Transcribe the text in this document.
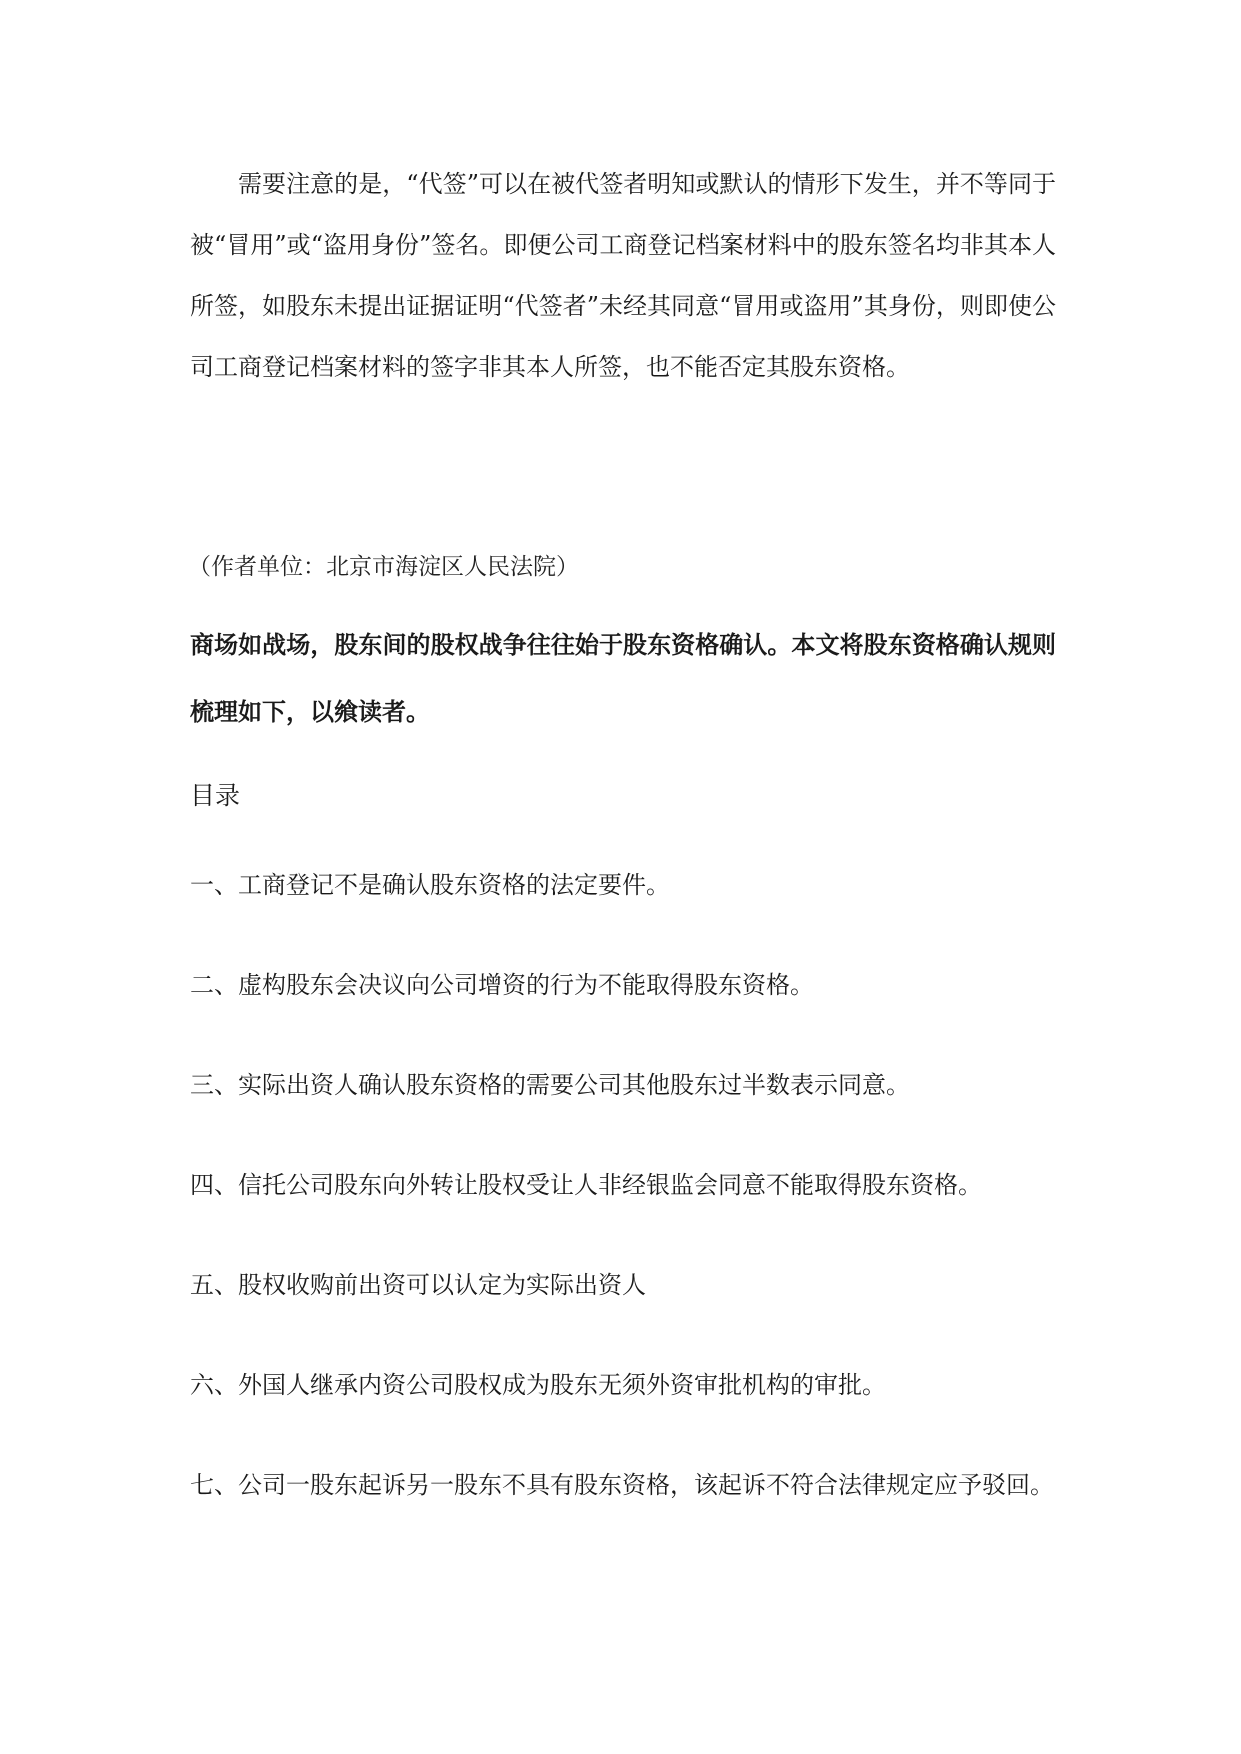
需要注意的是，“代签”可以在被代签者明知或默认的情形下发生，并不等同于被“冒用”或“盗用身份”签名。即便公司工商登记档案材料中的股东签名均非其本人所签，如股东未提出证据证明“代签者”未经其同意“冒用或盗用”其身份，则即使公司工商登记档案材料的签字非其本人所签，也不能否定其股东资格。

（作者单位：北京市海淀区人民法院）

商场如战场，股东间的股权战争往往始于股东资格确认。本文将股东资格确认规则梳理如下，以飨读者。

目录

一、工商登记不是确认股东资格的法定要件。
二、虚构股东会决议向公司增资的行为不能取得股东资格。
三、实际出资人确认股东资格的需要公司其他股东过半数表示同意。
四、信托公司股东向外转让股权受让人非经银监会同意不能取得股东资格。
五、股权收购前出资可以认定为实际出资人
六、外国人继承内资公司股权成为股东无须外资审批机构的审批。
七、公司一股东起诉另一股东不具有股东资格，该起诉不符合法律规定应予驳回。
